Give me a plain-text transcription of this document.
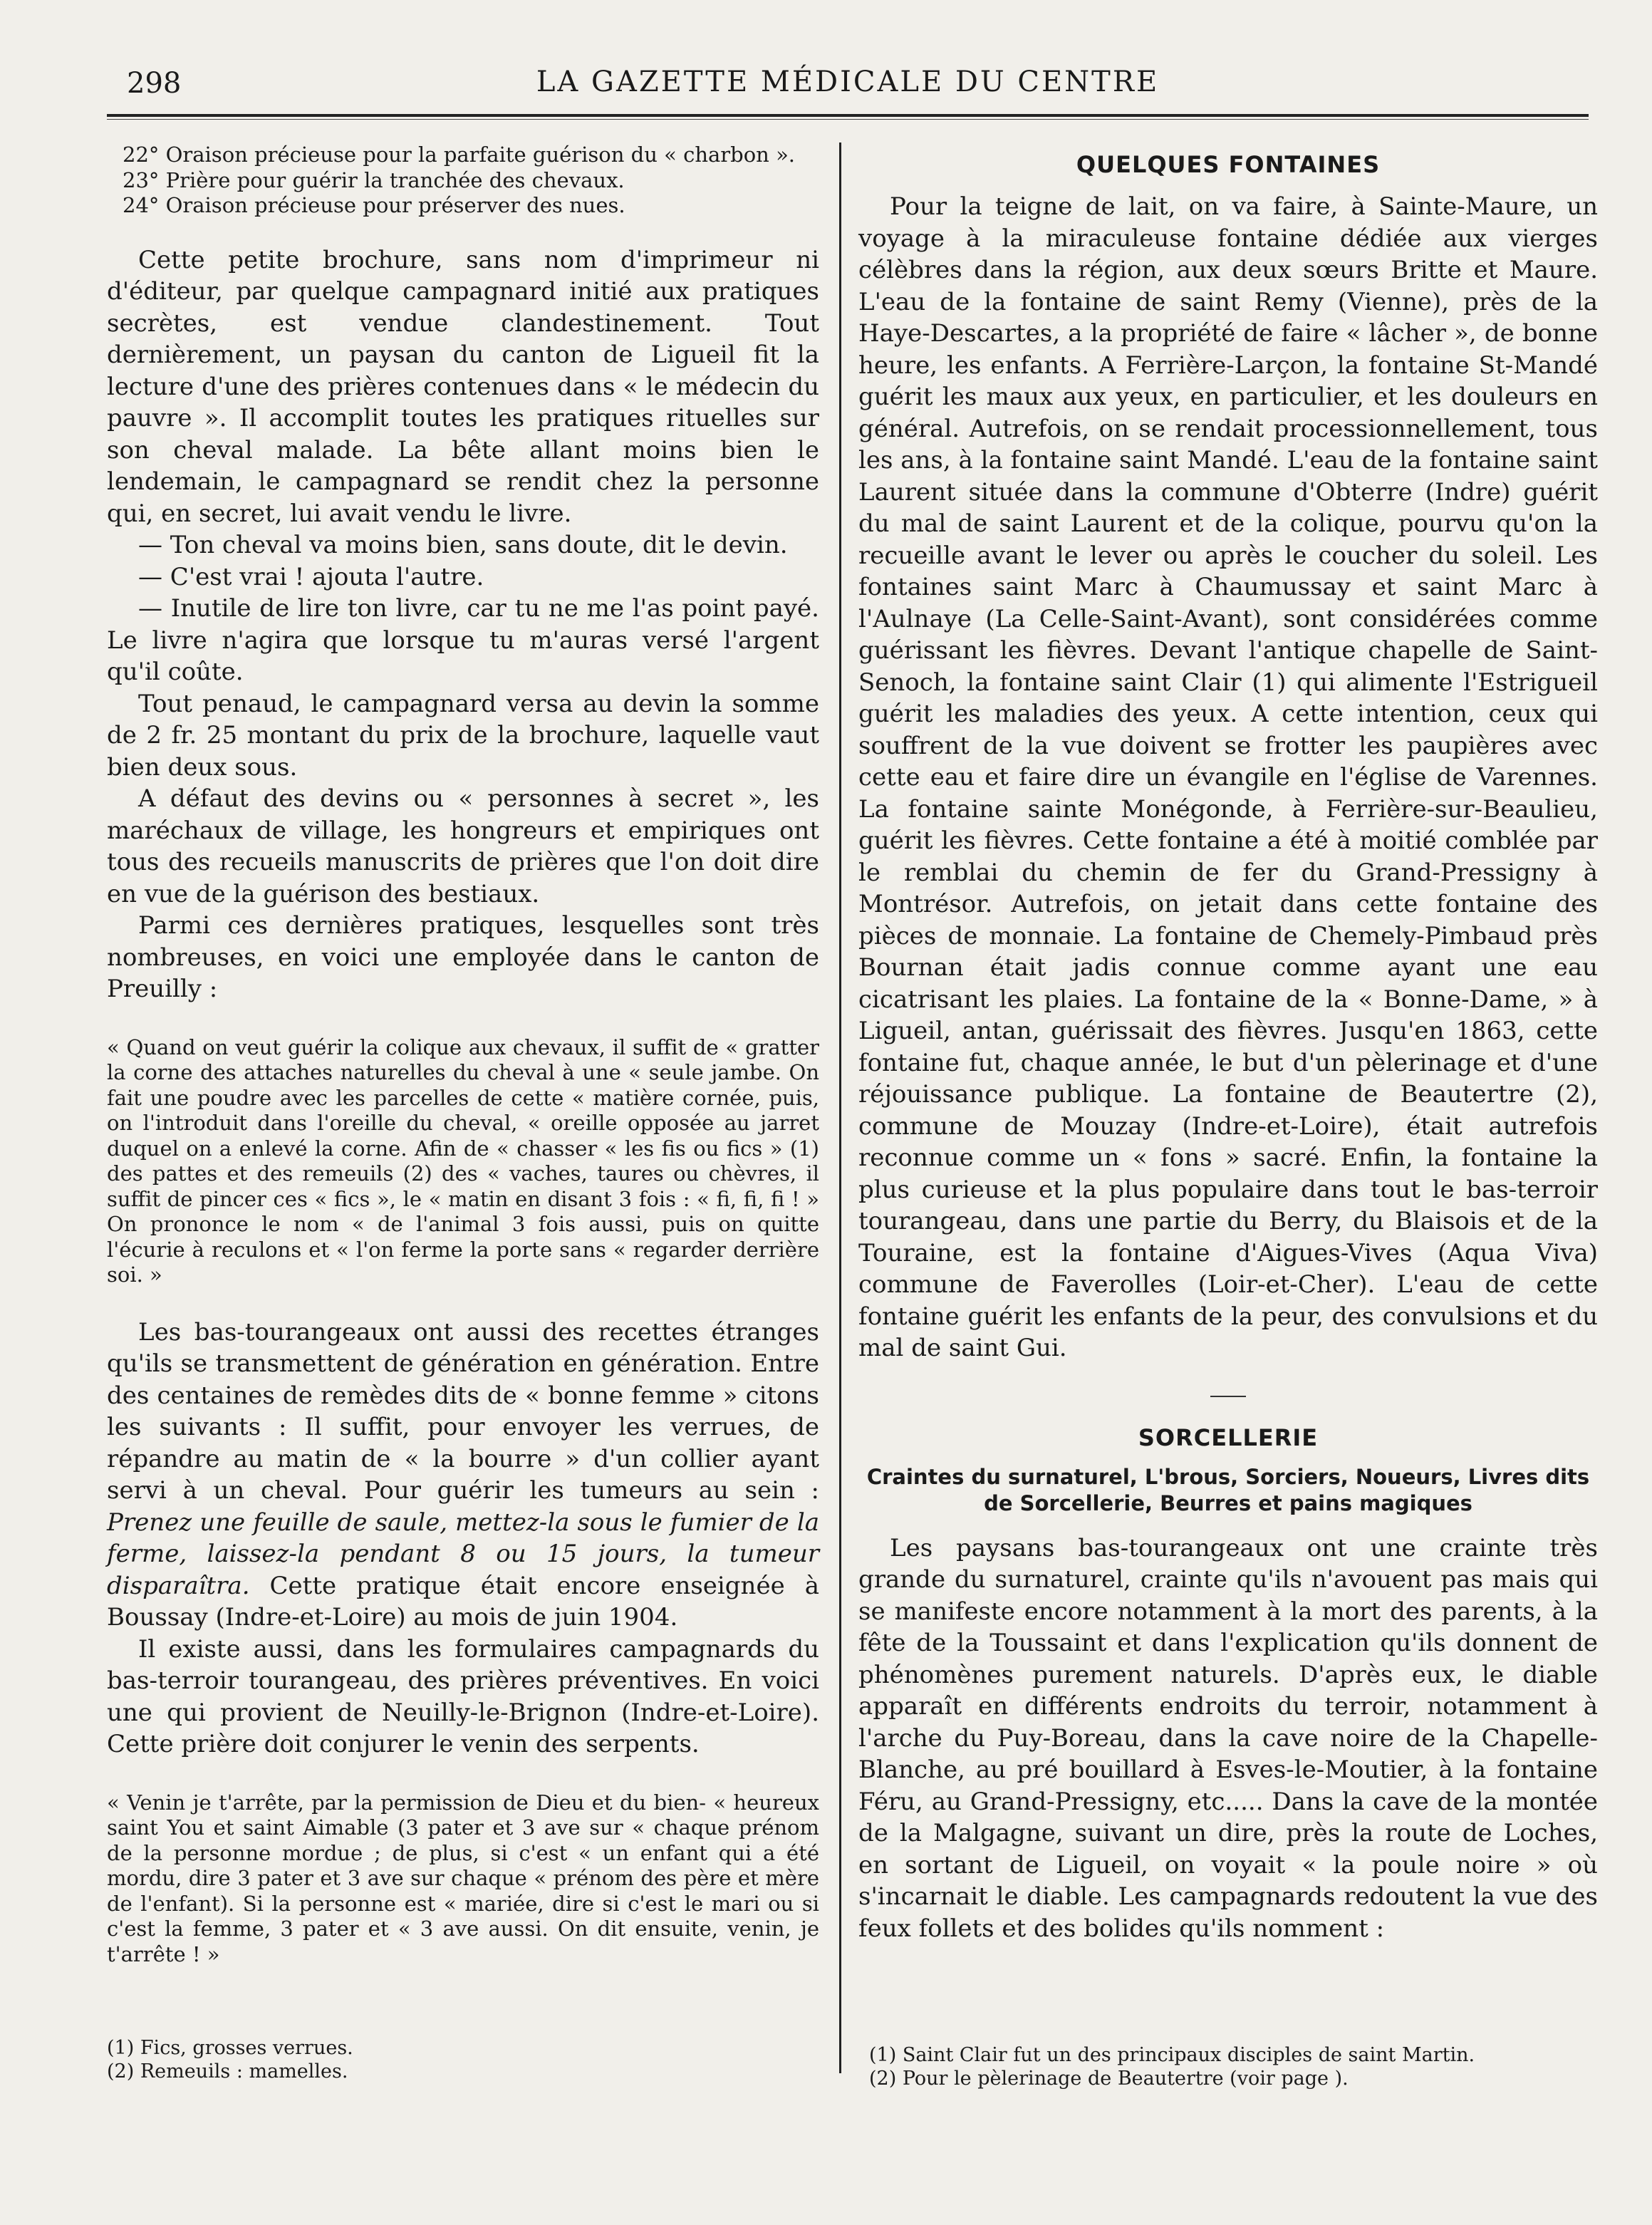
298	LA GAZETTE MÉDICALE DU CENTRE

22° Oraison précieuse pour la parfaite guérison du « charbon ».

23° Prière pour guérir la tranchée des chevaux.

24° Oraison précieuse pour préserver des nues.

Cette petite brochure, sans nom d'imprimeur ni d'éditeur, par quelque campagnard initié aux pratiques secrètes, est vendue clandestinement. Tout dernièrement, un paysan du canton de Ligueil fit la lecture d'une des prières contenues dans « le médecin du pauvre ». Il accomplit toutes les pratiques rituelles sur son cheval malade. La bête allant moins bien le lendemain, le campagnard se rendit chez la personne qui, en secret, lui avait vendu le livre.

— Ton cheval va moins bien, sans doute, dit le devin.

— C'est vrai ! ajouta l'autre.

— Inutile de lire ton livre, car tu ne me l'as point payé. Le livre n'agira que lorsque tu m'auras versé l'argent qu'il coûte.

Tout penaud, le campagnard versa au devin la somme de 2 fr. 25 montant du prix de la brochure, laquelle vaut bien deux sous.

A défaut des devins ou « personnes à secret », les maréchaux de village, les hongreurs et empiriques ont tous des recueils manuscrits de prières que l'on doit dire en vue de la guérison des bestiaux.

Parmi ces dernières pratiques, lesquelles sont très nombreuses, en voici une employée dans le canton de Preuilly :

« Quand on veut guérir la colique aux chevaux, il suffit de « gratter la corne des attaches naturelles du cheval à une « seule jambe. On fait une poudre avec les parcelles de cette « matière cornée, puis, on l'introduit dans l'oreille du cheval, « oreille opposée au jarret duquel on a enlevé la corne. Afin de « chasser « les fis ou fics » (1) des pattes et des remeuils (2) des « vaches, taures ou chèvres, il suffit de pincer ces « fics », le « matin en disant 3 fois : « fi, fi, fi ! » On prononce le nom « de l'animal 3 fois aussi, puis on quitte l'écurie à reculons et « l'on ferme la porte sans « regarder derrière soi. »

Les bas-tourangeaux ont aussi des recettes étranges qu'ils se transmettent de génération en génération. Entre des centaines de remèdes dits de « bonne femme » citons les suivants : Il suffit, pour envoyer les verrues, de répandre au matin de « la bourre » d'un collier ayant servi à un cheval. Pour guérir les tumeurs au sein : Prenez une feuille de saule, mettez-la sous le fumier de la ferme, laissez-la pendant 8 ou 15 jours, la tumeur disparaîtra. Cette pratique était encore enseignée à Boussay (Indre-et-Loire) au mois de juin 1904.

Il existe aussi, dans les formulaires campagnards du bas-terroir tourangeau, des prières préventives. En voici une qui provient de Neuilly-le-Brignon (Indre-et-Loire). Cette prière doit conjurer le venin des serpents.

« Venin je t'arrête, par la permission de Dieu et du bien- « heureux saint You et saint Aimable (3 pater et 3 ave sur « chaque prénom de la personne mordue ; de plus, si c'est « un enfant qui a été mordu, dire 3 pater et 3 ave sur chaque « prénom des père et mère de l'enfant). Si la personne est « mariée, dire si c'est le mari ou si c'est la femme, 3 pater et « 3 ave aussi. On dit ensuite, venin, je t'arrête ! »

(1) Fics, grosses verrues.

(2) Remeuils : mamelles.

QUELQUES FONTAINES

Pour la teigne de lait, on va faire, à Sainte-Maure, un voyage à la miraculeuse fontaine dédiée aux vierges célèbres dans la région, aux deux sœurs Britte et Maure. L'eau de la fontaine de saint Remy (Vienne), près de la Haye-Descartes, a la propriété de faire « lâcher », de bonne heure, les enfants. A Ferrière-Larçon, la fontaine St-Mandé guérit les maux aux yeux, en particulier, et les douleurs en général. Autrefois, on se rendait processionnellement, tous les ans, à la fontaine saint Mandé. L'eau de la fontaine saint Laurent située dans la commune d'Obterre (Indre) guérit du mal de saint Laurent et de la colique, pourvu qu'on la recueille avant le lever ou après le coucher du soleil. Les fontaines saint Marc à Chaumussay et saint Marc à l'Aulnaye (La Celle-Saint-Avant), sont considérées comme guérissant les fièvres. Devant l'antique chapelle de Saint-Senoch, la fontaine saint Clair (1) qui alimente l'Estrigueil guérit les maladies des yeux. A cette intention, ceux qui souffrent de la vue doivent se frotter les paupières avec cette eau et faire dire un évangile en l'église de Varennes. La fontaine sainte Monégonde, à Ferrière-sur-Beaulieu, guérit les fièvres. Cette fontaine a été à moitié comblée par le remblai du chemin de fer du Grand-Pressigny à Montrésor. Autrefois, on jetait dans cette fontaine des pièces de monnaie. La fontaine de Chemely-Pimbaud près Bournan était jadis connue comme ayant une eau cicatrisant les plaies. La fontaine de la « Bonne-Dame, » à Ligueil, antan, guérissait des fièvres. Jusqu'en 1863, cette fontaine fut, chaque année, le but d'un pèlerinage et d'une réjouissance publique. La fontaine de Beautertre (2), commune de Mouzay (Indre-et-Loire), était autrefois reconnue comme un « fons » sacré. Enfin, la fontaine la plus curieuse et la plus populaire dans tout le bas-terroir tourangeau, dans une partie du Berry, du Blaisois et de la Touraine, est la fontaine d'Aigues-Vives (Aqua Viva) commune de Faverolles (Loir-et-Cher). L'eau de cette fontaine guérit les enfants de la peur, des convulsions et du mal de saint Gui.

SORCELLERIE
Craintes du surnaturel, L'brous, Sorciers, Noueurs, Livres dits de Sorcellerie, Beurres et pains magiques

Les paysans bas-tourangeaux ont une crainte très grande du surnaturel, crainte qu'ils n'avouent pas mais qui se manifeste encore notamment à la mort des parents, à la fête de la Toussaint et dans l'explication qu'ils donnent de phénomènes purement naturels. D'après eux, le diable apparaît en différents endroits du terroir, notamment à l'arche du Puy-Boreau, dans la cave noire de la Chapelle-Blanche, au pré bouillard à Esves-le-Moutier, à la fontaine Féru, au Grand-Pressigny, etc..... Dans la cave de la montée de la Malgagne, suivant un dire, près la route de Loches, en sortant de Ligueil, on voyait « la poule noire » où s'incarnait le diable. Les campagnards redoutent la vue des feux follets et des bolides qu'ils nomment :

(1) Saint Clair fut un des principaux disciples de saint Martin.

(2) Pour le pèlerinage de Beautertre (voir page ).
